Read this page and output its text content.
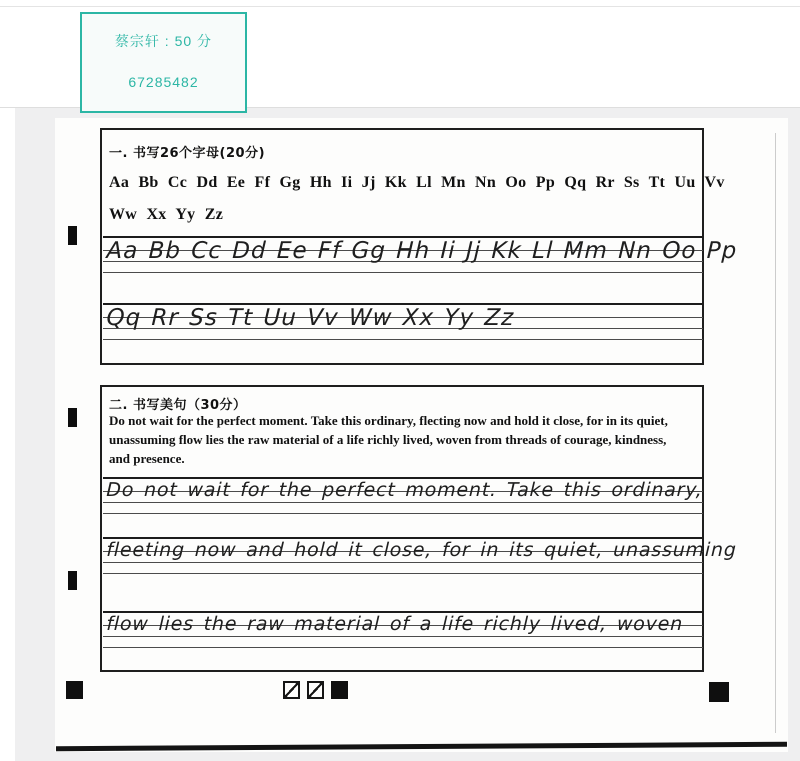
蔡宗轩 : 50 分
67285482
一. 书写26个字母(20分)
Aa Bb Cc Dd Ee Ff Gg Hh Ii Jj Kk Ll Mn Nn Oo Pp Qq Rr Ss Tt Uu Vv
Ww Xx Yy Zz
Aa Bb Cc Dd Ee Ff Gg Hh Ii Jj Kk Ll Mm Nn Oo Pp
Qq Rr Ss Tt Uu Vv Ww Xx Yy Zz
二. 书写美句（30分）
Do not wait for the perfect moment. Take this ordinary, flecting now and hold it close, for in its quiet,
unassuming flow lies the raw material of a life richly lived, woven from threads of courage, kindness,
and presence.
Do not wait for the perfect moment. Take this ordinary,
fleeting now and hold it close, for in its quiet, unassuming
flow lies the raw material of a life richly lived, woven
